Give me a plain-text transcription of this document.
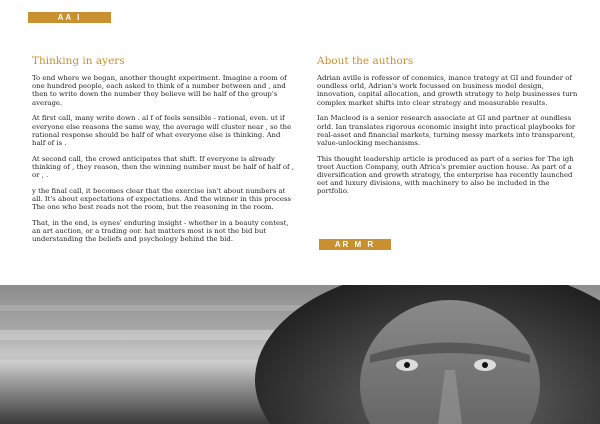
AA I
Thinking in ayers

To end where we began, another thought experiment. Imagine a room of one hundred people, each asked to think of a number between and , and then to write down the number they believe will be half of the group's average.

At first call, many write down . al f of feels sensible - rational, even. ut if everyone else reasons the same way, the average will cluster near , so the rational response should be half of what everyone else is thinking. And half of is .

At second call, the crowd anticipates that shift. If everyone is already thinking of , they reason, then the winning number must be half of half of , or , .

y the final call, it becomes clear that the exercise isn't about numbers at all. It's about expectations of expectations. And the winner in this process The one who best reads not the room, but the reasoning in the room.

That, in the end, is eynes' enduring insight - whether in a beauty contest, an art auction, or a trading oor. hat matters most is not the bid but understanding the beliefs and psychology behind the bid.

About the authors

Adrian aville is rofessor of conomics, inance trategy at GI and founder of oundless orld, Adrian's work focussed on business model design, innovation, capital allocation, and growth strategy to help businesses turn complex market shifts into clear strategy and measurable results.

Ian Macleod is a senior research associate at GI and partner at oundless orld. Ian translates rigorous economic insight into practical playbooks for real-asset and financial markets, turning messy markets into transparent, value-unlocking mechanisms.

This thought leadership article is produced as part of a series for The igh treet Auction Company, outh Africa's premier auction house. As part of a diversification and growth strategy, the enterprise has recently launched eet and luxury divisions, with machinery to also be included in the portfolio.

AR M R
